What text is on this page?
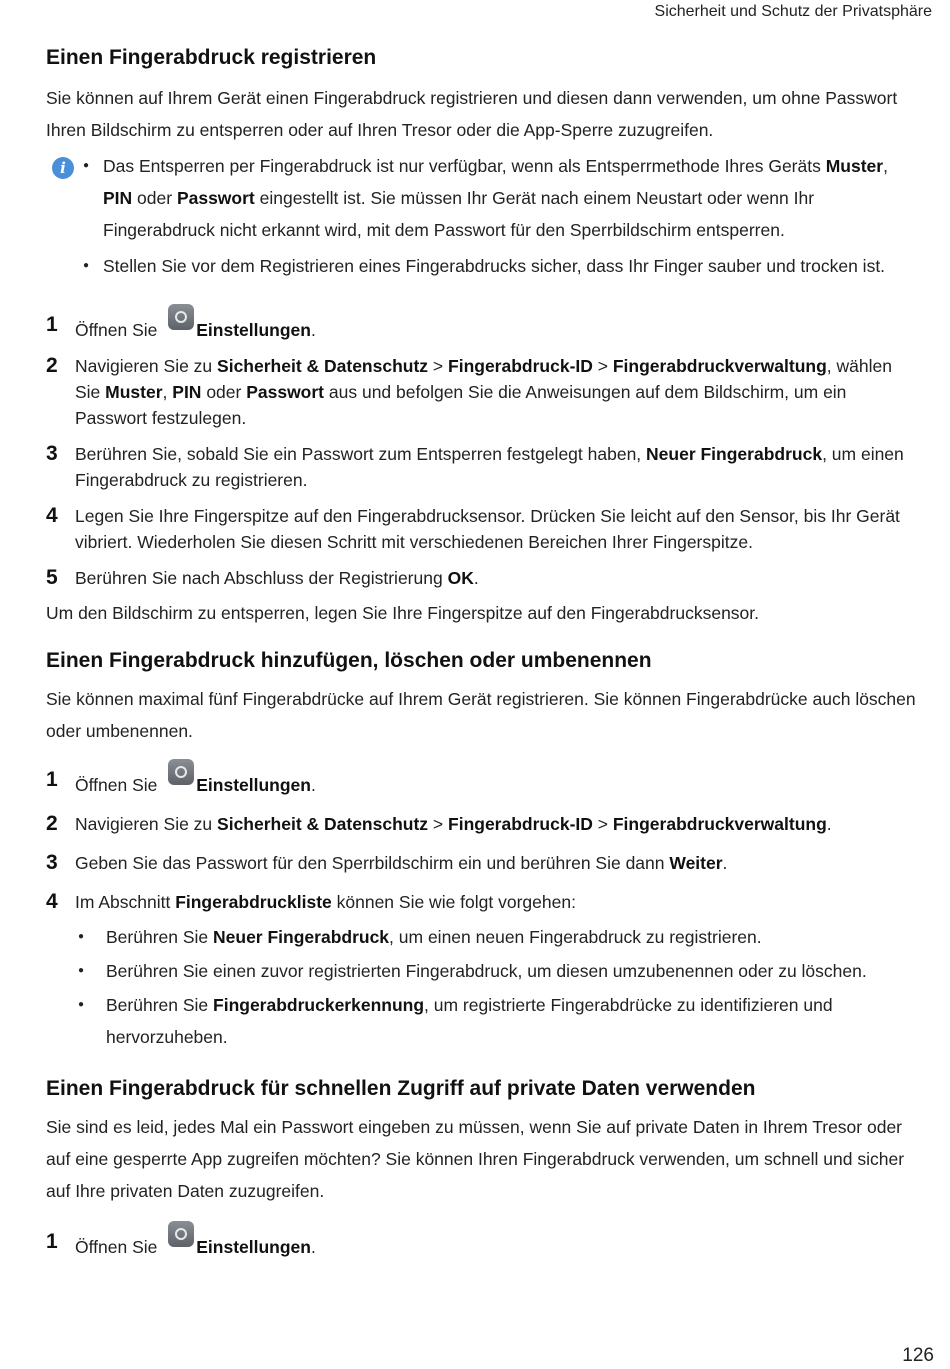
Sicherheit und Schutz der Privatsphäre
Einen Fingerabdruck registrieren

Sie können auf Ihrem Gerät einen Fingerabdruck registrieren und diesen dann verwenden, um ohne Passwort Ihren Bildschirm zu entsperren oder auf Ihren Tresor oder die App-Sperre zuzugreifen.

i
●	Das Entsperren per Fingerabdruck ist nur verfügbar, wenn als Entsperrmethode Ihres Geräts Muster, PIN oder Passwort eingestellt ist. Sie müssen Ihr Gerät nach einem Neustart oder wenn Ihr Fingerabdruck nicht erkannt wird, mit dem Passwort für den Sperrbildschirm entsperren.
● Stellen Sie vor dem Registrieren eines Fingerabdrucks sicher, dass Ihr Finger sauber und trocken ist.
1 Öffnen Sie Einstellungen.
2 Navigieren Sie zu Sicherheit & Datenschutz > Fingerabdruck-ID > Fingerabdruckverwaltung, wählen Sie Muster, PIN oder Passwort aus und befolgen Sie die Anweisungen auf dem Bildschirm, um ein Passwort festzulegen.
3 Berühren Sie, sobald Sie ein Passwort zum Entsperren festgelegt haben, Neuer Fingerabdruck, um einen Fingerabdruck zu registrieren.
4 Legen Sie Ihre Fingerspitze auf den Fingerabdrucksensor. Drücken Sie leicht auf den Sensor, bis Ihr Gerät vibriert. Wiederholen Sie diesen Schritt mit verschiedenen Bereichen Ihrer Fingerspitze.
5 Berühren Sie nach Abschluss der Registrierung OK.

Um den Bildschirm zu entsperren, legen Sie Ihre Fingerspitze auf den Fingerabdrucksensor.

Einen Fingerabdruck hinzufügen, löschen oder umbenennen

Sie können maximal fünf Fingerabdrücke auf Ihrem Gerät registrieren. Sie können Fingerabdrücke auch löschen oder umbenennen.

1 Öffnen Sie Einstellungen.
2 Navigieren Sie zu Sicherheit & Datenschutz > Fingerabdruck-ID > Fingerabdruckverwaltung.
3 Geben Sie das Passwort für den Sperrbildschirm ein und berühren Sie dann Weiter.
4 Im Abschnitt Fingerabdruckliste können Sie wie folgt vorgehen:
● Berühren Sie Neuer Fingerabdruck, um einen neuen Fingerabdruck zu registrieren.
● Berühren Sie einen zuvor registrierten Fingerabdruck, um diesen umzubenennen oder zu löschen.
● Berühren Sie Fingerabdruckerkennung, um registrierte Fingerabdrücke zu identifizieren und hervorzuheben.
Einen Fingerabdruck für schnellen Zugriff auf private Daten verwenden

Sie sind es leid, jedes Mal ein Passwort eingeben zu müssen, wenn Sie auf private Daten in Ihrem Tresor oder auf eine gesperrte App zugreifen möchten? Sie können Ihren Fingerabdruck verwenden, um schnell und sicher auf Ihre privaten Daten zuzugreifen.

1 Öffnen Sie Einstellungen.
126
